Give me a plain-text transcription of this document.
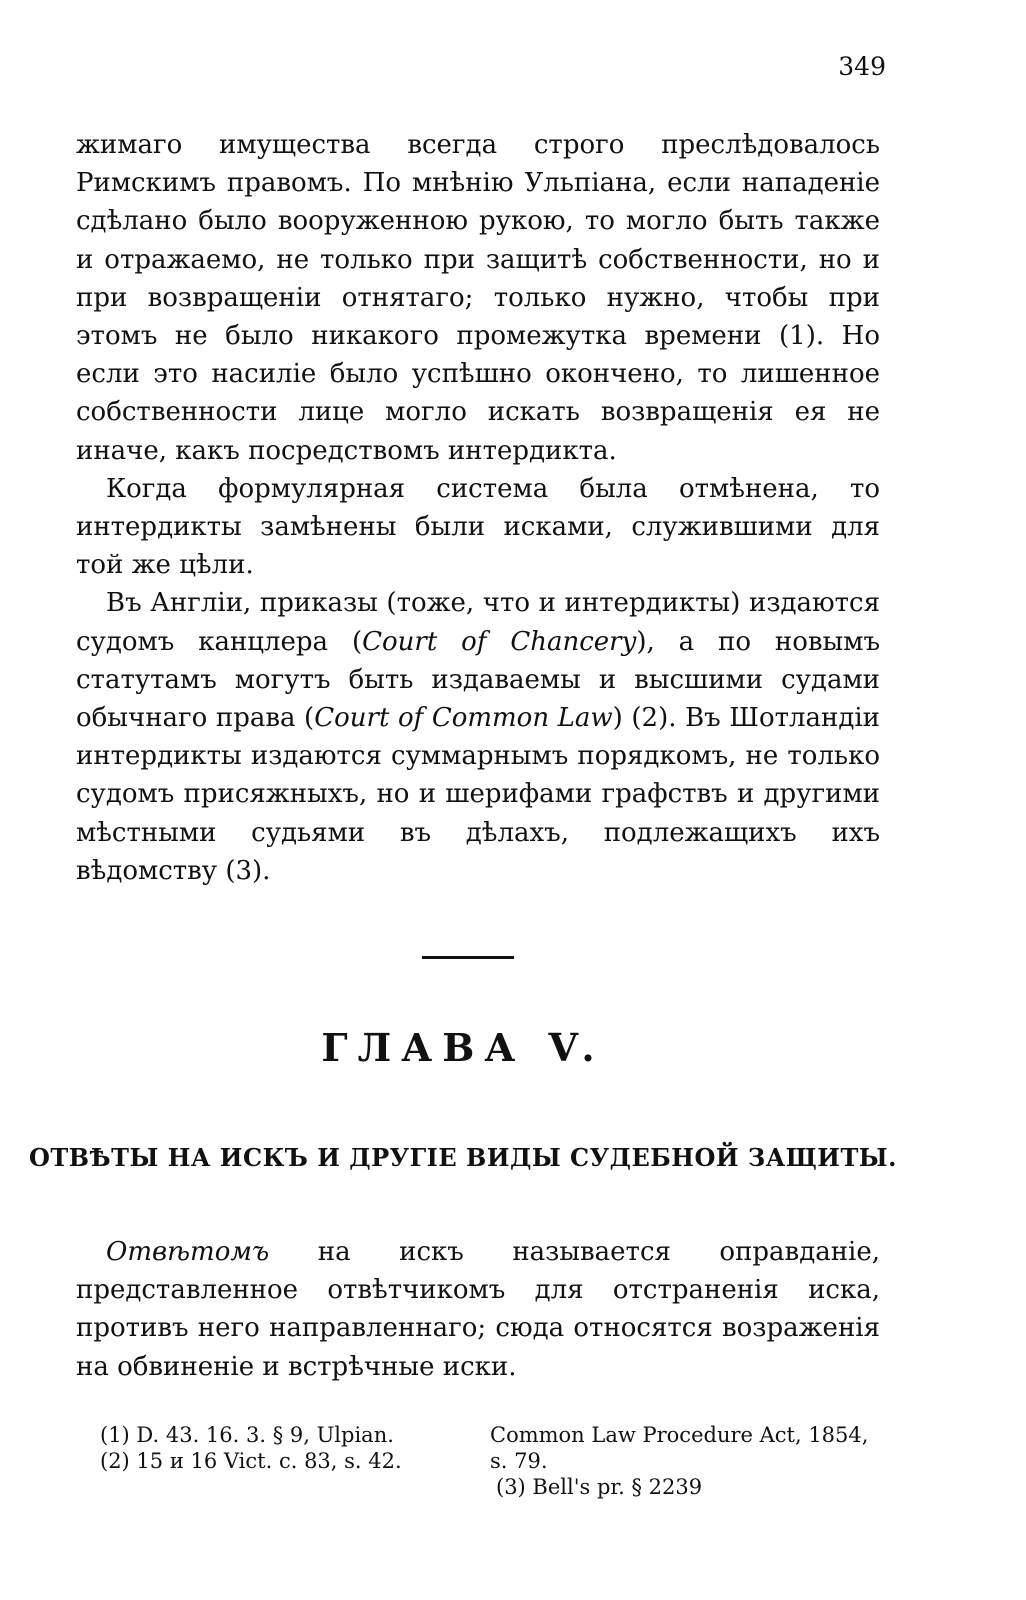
349

жимаго имущества всегда строго преслѣдовалось Римскимъ правомъ. По мнѣнію Ульпіана, если нападеніе сдѣлано было вооруженною рукою, то могло быть также и отражаемо, не только при защитѣ собственности, но и при возвращеніи отнятаго; только нужно, чтобы при этомъ не было никакого промежутка времени (1). Но если это насиліе было успѣшно окончено, то лишенное собственности лице могло искать возвращенія ея не иначе, какъ посредствомъ интердикта.

Когда формулярная система была отмѣнена, то интердикты замѣнены были исками, служившими для той же цѣли.

Въ Англіи, приказы (тоже, что и интердикты) издаются судомъ канцлера (Court of Chancery), а по новымъ статутамъ могутъ быть издаваемы и высшими судами обычнаго права (Court of Common Law) (2). Въ Шотландіи интердикты издаются суммарнымъ порядкомъ, не только судомъ присяжныхъ, но и шерифами графствъ и другими мѣстными судьями въ дѣлахъ, подлежащихъ ихъ вѣдомству (3).

ГЛАВА V.
ОТВѢТЫ НА ИСКЪ И ДРУГІЕ ВИДЫ СУДЕБНОЙ ЗАЩИТЫ.

Отвѣтомъ на искъ называется оправданіе, представленное отвѣтчикомъ для отстраненія иска, противъ него направленнаго; сюда относятся возраженія на обвиненіе и встрѣчные иски.

(1) D. 43. 16. 3. § 9, Ulpian.	Common Law Procedure Act, 1854,
(2) 15 и 16 Vict. c. 83, s. 42.	s. 79.
(3) Bell's pr. § 2239
